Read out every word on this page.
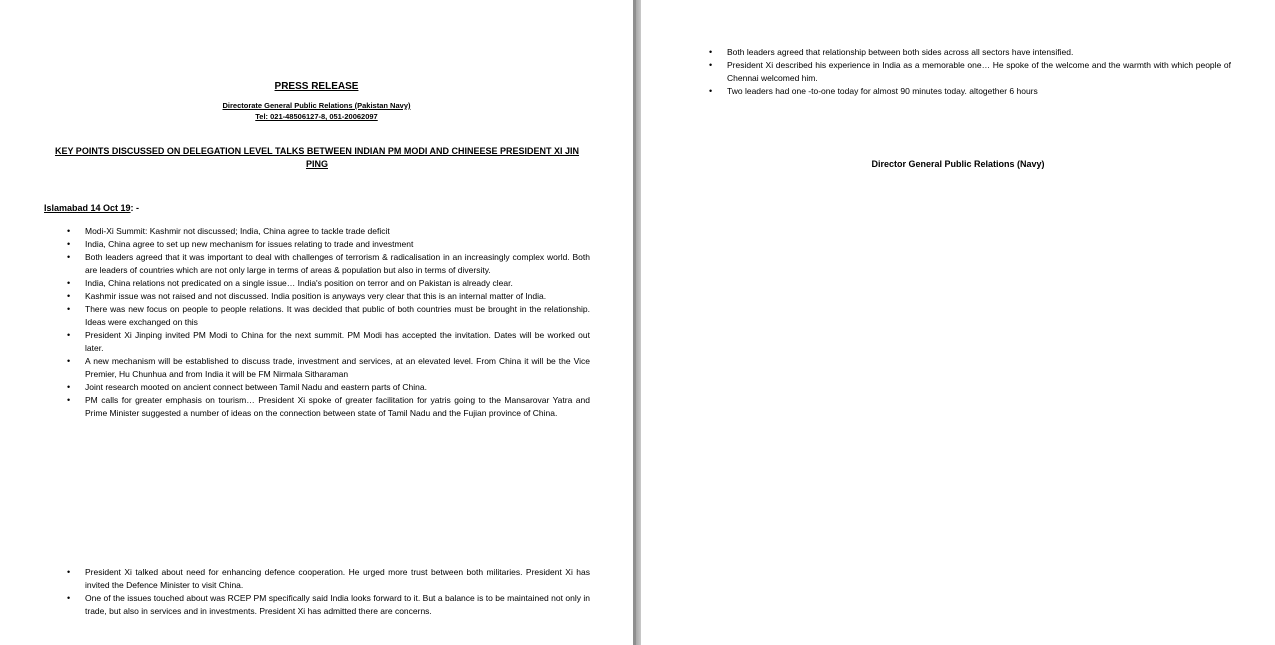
PRESS RELEASE
Directorate General Public Relations (Pakistan Navy)
Tel: 021-48506127-8, 051-20062097
KEY POINTS DISCUSSED ON DELEGATION LEVEL TALKS BETWEEN INDIAN PM MODI AND CHINEESE PRESIDENT XI JIN PING
Islamabad 14 Oct 19: -
• Modi-Xi Summit: Kashmir not discussed; India, China agree to tackle trade deficit
• India, China agree to set up new mechanism for issues relating to trade and investment
• Both leaders agreed that it was important to deal with challenges of terrorism & radicalisation in an increasingly complex world. Both are leaders of countries which are not only large in terms of areas & population but also in terms of diversity.
• India, China relations not predicated on a single issue… India's position on terror and on Pakistan is already clear.
• Kashmir issue was not raised and not discussed. India position is anyways very clear that this is an internal matter of India.
• There was new focus on people to people relations. It was decided that public of both countries must be brought in the relationship. Ideas were exchanged on this
• President Xi Jinping invited PM Modi to China for the next summit. PM Modi has accepted the invitation. Dates will be worked out later.
• A new mechanism will be established to discuss trade, investment and services, at an elevated level. From China it will be the Vice Premier, Hu Chunhua and from India it will be FM Nirmala Sitharaman
• Joint research mooted on ancient connect between Tamil Nadu and eastern parts of China.
• PM calls for greater emphasis on tourism… President Xi spoke of greater facilitation for yatris going to the Mansarovar Yatra and Prime Minister suggested a number of ideas on the connection between state of Tamil Nadu and the Fujian province of China.
• President Xi talked about need for enhancing defence cooperation. He urged more trust between both militaries. President Xi has invited the Defence Minister to visit China.
• One of the issues touched about was RCEP PM specifically said India looks forward to it. But a balance is to be maintained not only in trade, but also in services and in investments. President Xi has admitted there are concerns.
• Both leaders agreed that relationship between both sides across all sectors have intensified.
• President Xi described his experience in India as a memorable one… He spoke of the welcome and the warmth with which people of Chennai welcomed him.
• Two leaders had one -to-one today for almost 90 minutes today. altogether 6 hours
Director General Public Relations (Navy)
